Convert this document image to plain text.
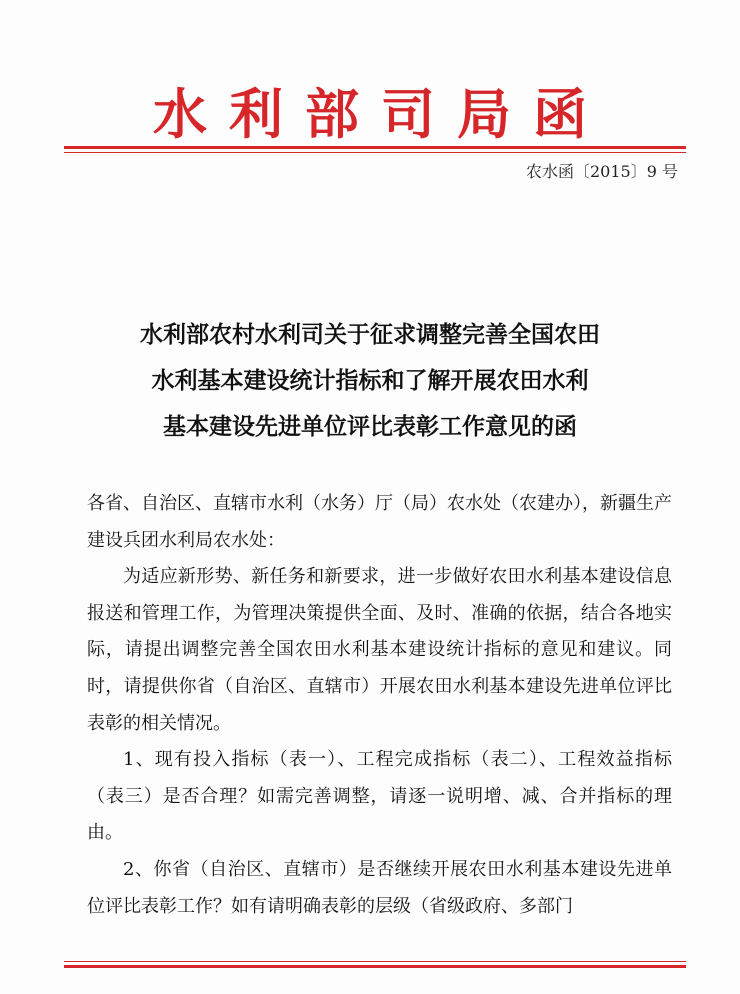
水利部司局函
农水函〔2015〕9 号
水利部农村水利司关于征求调整完善全国农田
水利基本建设统计指标和了解开展农田水利
基本建设先进单位评比表彰工作意见的函

各省、自治区、直辖市水利（水务）厅（局）农水处（农建办），新疆生产建设兵团水利局农水处：

为适应新形势、新任务和新要求，进一步做好农田水利基本建设信息报送和管理工作，为管理决策提供全面、及时、准确的依据，结合各地实际，请提出调整完善全国农田水利基本建设统计指标的意见和建议。同时，请提供你省（自治区、直辖市）开展农田水利基本建设先进单位评比表彰的相关情况。

1、现有投入指标（表一）、工程完成指标（表二）、工程效益指标（表三）是否合理？如需完善调整，请逐一说明增、减、合并指标的理由。

2、你省（自治区、直辖市）是否继续开展农田水利基本建设先进单位评比表彰工作？如有请明确表彰的层级（省级政府、多部门
